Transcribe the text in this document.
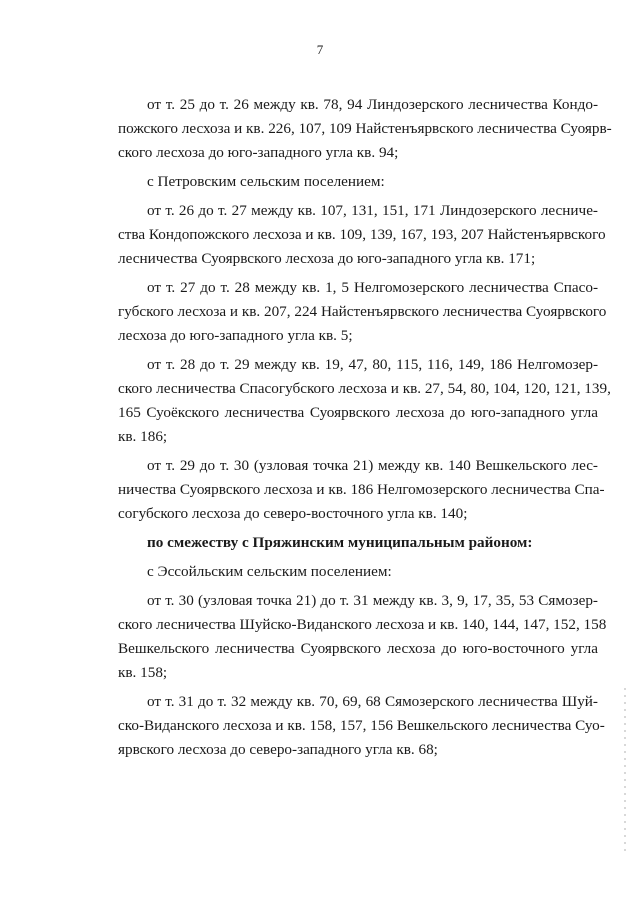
7
от т. 25 до т. 26 между кв. 78, 94 Линдозерского лесничества Кондо-
пожского лесхоза и кв. 226, 107, 109 Найстенъярвского лесничества Суоярв-
ского лесхоза до юго-западного угла кв. 94;
с Петровским сельским поселением:
от т. 26 до т. 27 между кв. 107, 131, 151, 171 Линдозерского лесниче-
ства Кондопожского лесхоза и кв. 109, 139, 167, 193, 207 Найстенъярвского
лесничества Суоярвского лесхоза до юго-западного угла кв. 171;
от т. 27 до т. 28 между кв. 1, 5 Нелгомозерского лесничества Спасо-
губского лесхоза и кв. 207, 224 Найстенъярвского лесничества Суоярвского
лесхоза до юго-западного угла кв. 5;
от т. 28 до т. 29 между кв. 19, 47, 80, 115, 116, 149, 186 Нелгомозер-
ского лесничества Спасогубского лесхоза и кв. 27, 54, 80, 104, 120, 121, 139,
165 Суоёкского лесничества Суоярвского лесхоза до юго-западного угла
кв. 186;
от т. 29 до т. 30 (узловая точка 21) между кв. 140 Вешкельского лес-
ничества Суоярвского лесхоза и кв. 186 Нелгомозерского лесничества Спа-
согубского лесхоза до северо-восточного угла кв. 140;
по смежеству с Пряжинским муниципальным районом:
с Эссойльским сельским поселением:
от т. 30 (узловая точка 21) до т. 31 между кв. 3, 9, 17, 35, 53 Сямозер-
ского лесничества Шуйско-Виданского лесхоза и кв. 140, 144, 147, 152, 158
Вешкельского лесничества Суоярвского лесхоза до юго-восточного угла
кв. 158;
от т. 31 до т. 32 между кв. 70, 69, 68 Сямозерского лесничества Шуй-
ско-Виданского лесхоза и кв. 158, 157, 156 Вешкельского лесничества Суо-
ярвского лесхоза до северо-западного угла кв. 68;
